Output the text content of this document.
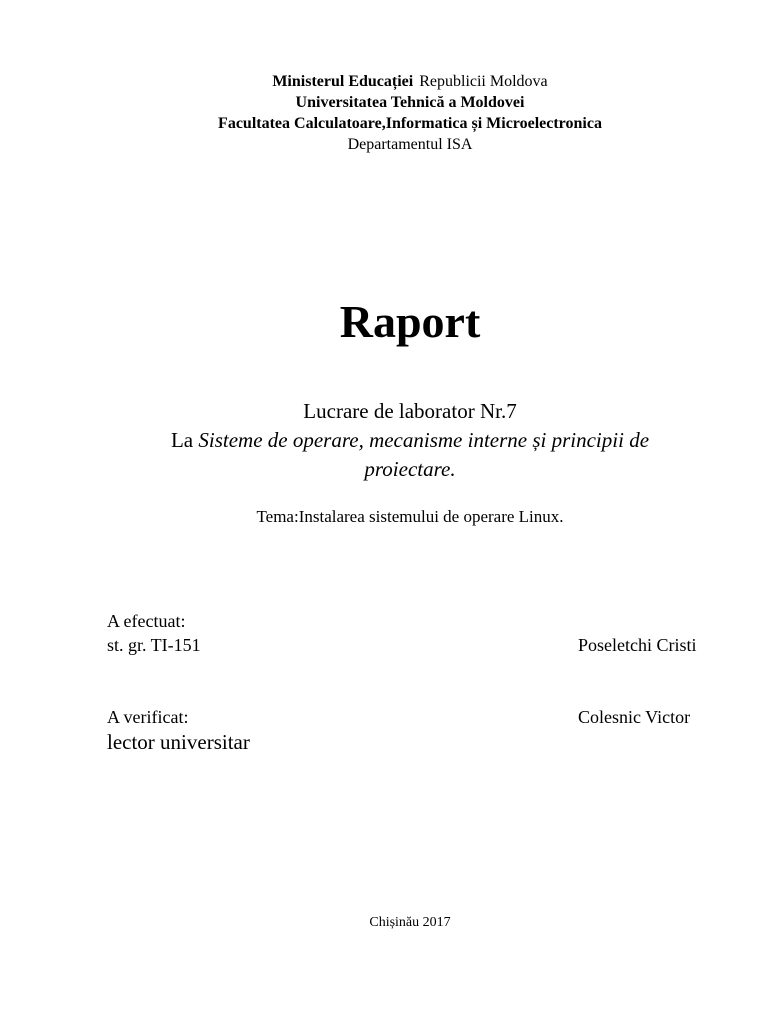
Ministerul Educației Republicii Moldova
Universitatea Tehnică a Moldovei
Facultatea Calculatoare,Informatica și Microelectronica
Departamentul ISA
Raport
Lucrare de laborator Nr.7
La Sisteme de operare, mecanisme interne și principii de
proiectare.
Tema:Instalarea sistemului de operare Linux.
A efectuat:
st. gr. TI-151	Poseletchi Cristi
A verificat:	Colesnic Victor
lector universitar
Chișinău 2017
